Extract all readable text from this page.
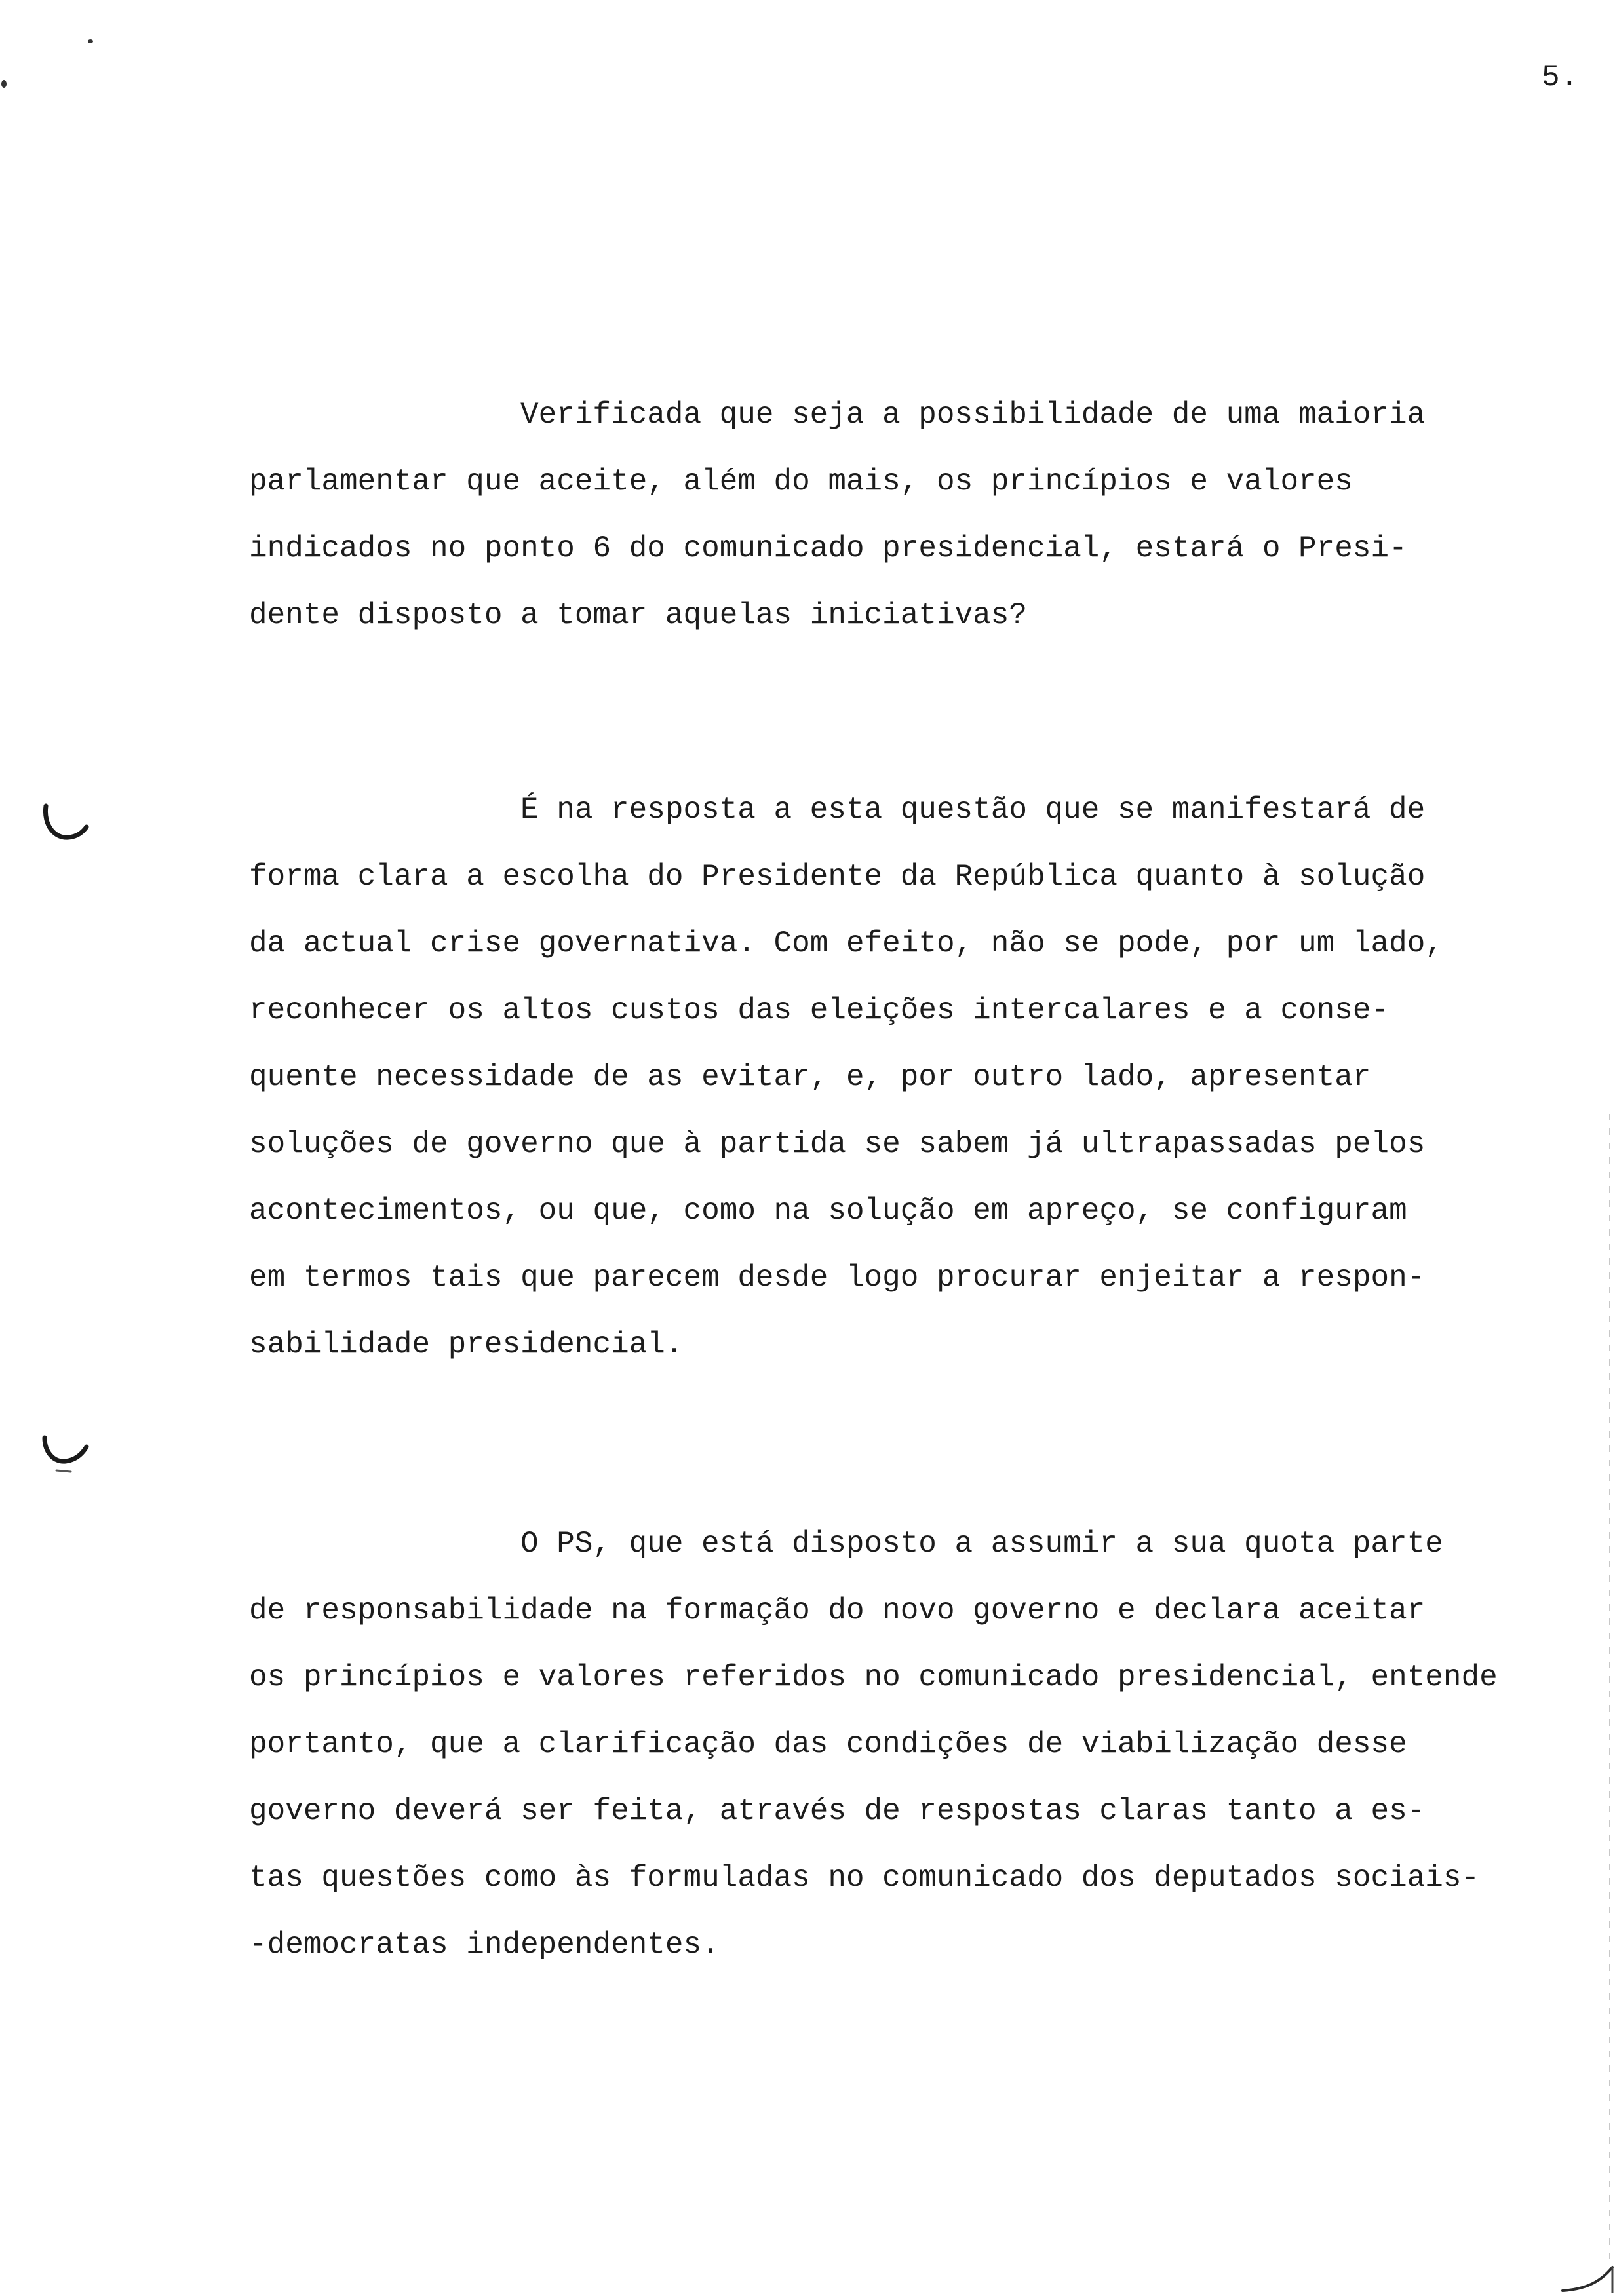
5.
Verificada que seja a possibilidade de uma maioria
parlamentar que aceite, além do mais, os princípios e valores
indicados no ponto 6 do comunicado presidencial, estará o Presi-
dente disposto a tomar aquelas iniciativas?
É na resposta a esta questão que se manifestará de
forma clara a escolha do Presidente da República quanto à solução
da actual crise governativa. Com efeito, não se pode, por um lado,
reconhecer os altos custos das eleições intercalares e a conse-
quente necessidade de as evitar, e, por outro lado, apresentar
soluções de governo que à partida se sabem já ultrapassadas pelos
acontecimentos, ou que, como na solução em apreço, se configuram
em termos tais que parecem desde logo procurar enjeitar a respon-
sabilidade presidencial.
O PS, que está disposto a assumir a sua quota parte
de responsabilidade na formação do novo governo e declara aceitar
os princípios e valores referidos no comunicado presidencial, entende
portanto, que a clarificação das condições de viabilização desse
governo deverá ser feita, através de respostas claras tanto a es-
tas questões como às formuladas no comunicado dos deputados sociais-
-democratas independentes.
